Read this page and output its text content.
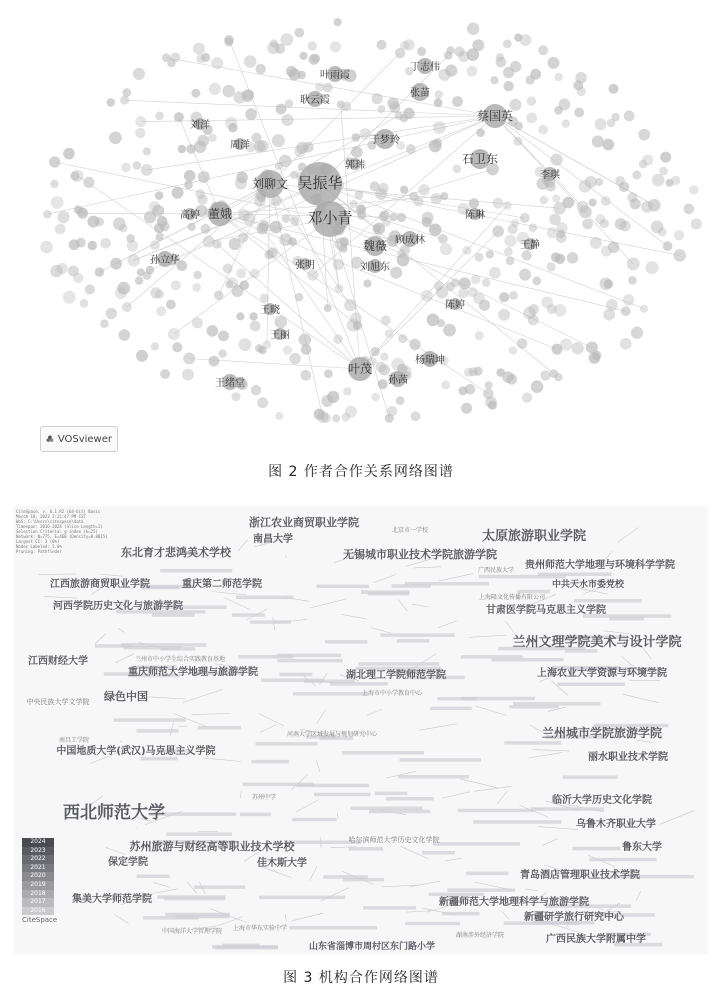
吴振华
邓小青
刘聊文
蔡国英
叶茂
董娥
魏薇
石卫东
于梦玲
张苗
丁志伟
叶雨霞
耿云霞
杨瑞坤
孙立华
孙茜
王绪堂
顾成林
刘旭东
李琪
高婷
张明
郭玮
王晓	陈婷
王静
周洋
刘洋
陈琳
王丽
VOSviewer
图 2 作者合作关系网络图谱
西北师范大学
太原旅游职业学院
兰州文理学院美术与设计学院
兰州城市学院旅游学院
贵州师范大学地理与环境科学学院
浙江农业商贸职业学院
南昌大学
东北育才悲鸿美术学校	无锡城市职业技术学院旅游学院
北京市一学校
江西旅游商贸职业学院	重庆第二师范学院	中共天水市委党校
河西学院历史文化与旅游学院	甘肃医学院马克思主义学院
江西财经大学
重庆师范大学地理与旅游学院	湖北理工学院师范学院	上海农业大学资源与环境学院
绿色中国
中央民族大学文学院
丽水职业技术学院
中国地质大学(武汉)马克思主义学院
临沂大学历史文化学院
乌鲁木齐职业大学
鲁东大学
苏州旅游与财经高等职业技术学校
佳木斯大学
保定学院
青岛酒店管理职业技术学院
集美大学师范学院	新疆师范大学地理科学与旅游学院
新疆研学旅行研究中心
广西民族大学附属中学
山东省淄博市周村区东门路小学
哈尔滨师范大学历史文化学院
湖南涉外经济学院
中国海洋大学管理学院 上海市华东实验中学
南昌工学院
河南大学区域发展与规划研究中心
广西民族大学
上海隆文化传播有限公司
上海市中小学教育中心
苏州中学
兰州市中小学生综合实践教育基地
CiteSpace, v. 6.1.R2 (64-bit) Basic
March 18, 2023 2:21:47 PM CST
WoS: C:\Users\citespace\data
Timespan: 2016-2024 (Slice Length=1)
Selection Criteria: g-index (k=25)
Network: N=775, E=460 (Density=0.0015)
Largest CC: 3 (0%)
Nodes Labeled: 1.0%
Pruning: Pathfinder
2024
2023
2022
2021
2020
2019
2018
2017
2016
CiteSpace
图 3 机构合作网络图谱
